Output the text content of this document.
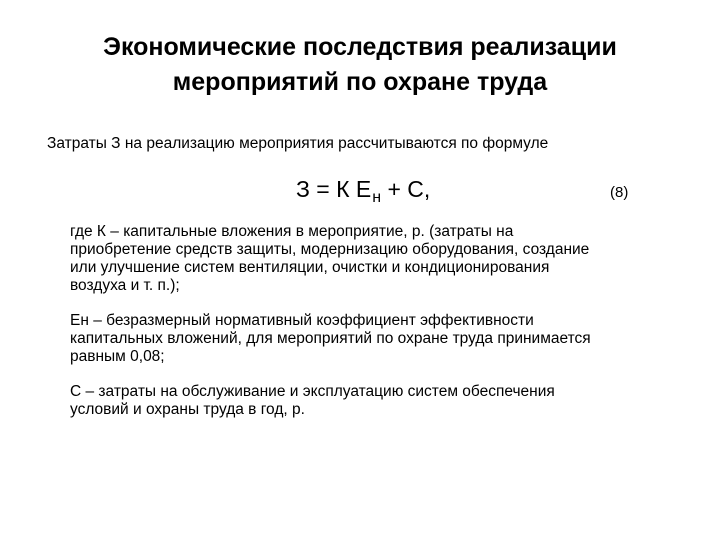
Экономические последствия реализации
мероприятий по охране труда
Затраты З на реализацию мероприятия рассчитываются по формуле
З = К $Е_н + С$,	(8)
где К – капитальные вложения в мероприятие, р. (затраты на
приобретение средств защиты, модернизацию оборудования, создание
или улучшение систем вентиляции, очистки и кондиционирования
воздуха и т. п.);
Ен – безразмерный нормативный коэффициент эффективности
капитальных вложений, для мероприятий по охране труда принимается
равным 0,08;
С – затраты на обслуживание и эксплуатацию систем обеспечения
условий и охраны труда в год, р.
